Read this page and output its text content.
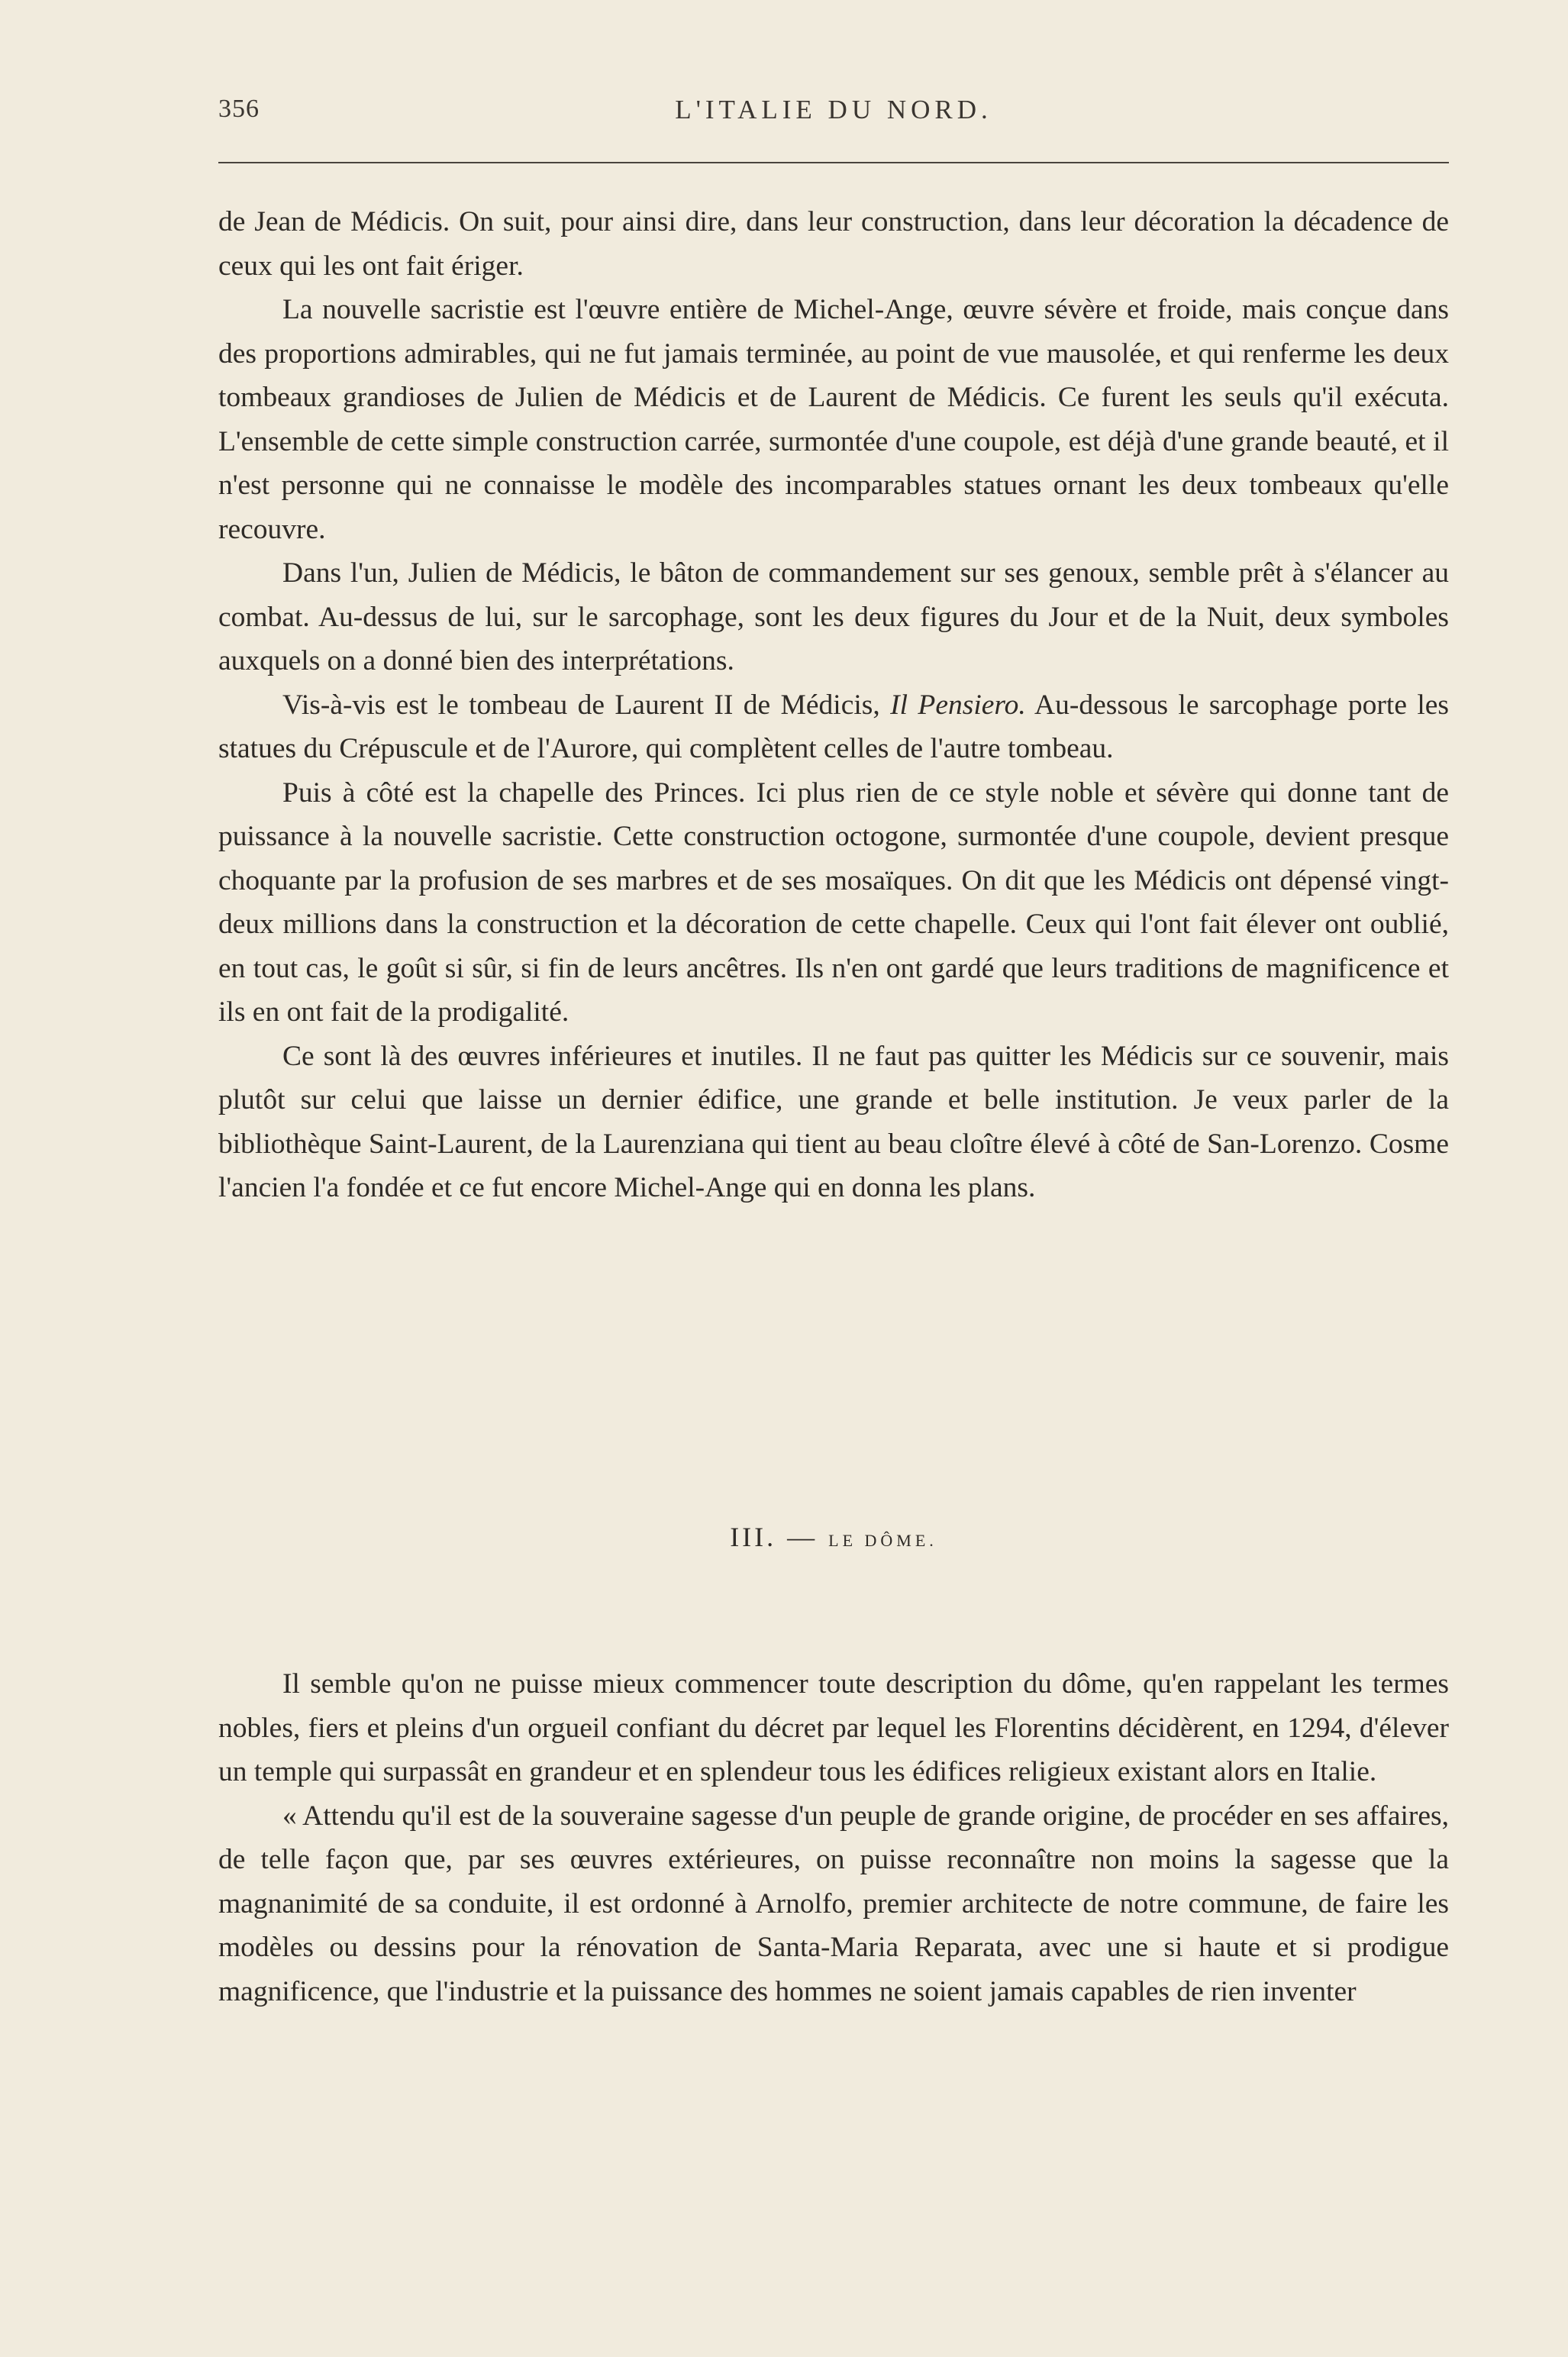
356	L'ITALIE DU NORD.

de Jean de Médicis. On suit, pour ainsi dire, dans leur construction, dans leur décoration la décadence de ceux qui les ont fait ériger.

La nouvelle sacristie est l'œuvre entière de Michel-Ange, œuvre sévère et froide, mais conçue dans des proportions admirables, qui ne fut jamais terminée, au point de vue mausolée, et qui renferme les deux tombeaux grandioses de Julien de Médicis et de Laurent de Médicis. Ce furent les seuls qu'il exécuta. L'ensemble de cette simple construction carrée, surmontée d'une coupole, est déjà d'une grande beauté, et il n'est personne qui ne connaisse le modèle des incomparables statues ornant les deux tombeaux qu'elle recouvre.

Dans l'un, Julien de Médicis, le bâton de commandement sur ses genoux, semble prêt à s'élancer au combat. Au-dessus de lui, sur le sarcophage, sont les deux figures du Jour et de la Nuit, deux symboles auxquels on a donné bien des interprétations.

Vis-à-vis est le tombeau de Laurent II de Médicis, Il Pensiero. Au-dessous le sarcophage porte les statues du Crépuscule et de l'Aurore, qui complètent celles de l'autre tombeau.

Puis à côté est la chapelle des Princes. Ici plus rien de ce style noble et sévère qui donne tant de puissance à la nouvelle sacristie. Cette construction octogone, surmontée d'une coupole, devient presque choquante par la profusion de ses marbres et de ses mosaïques. On dit que les Médicis ont dépensé vingt-deux millions dans la construction et la décoration de cette chapelle. Ceux qui l'ont fait élever ont oublié, en tout cas, le goût si sûr, si fin de leurs ancêtres. Ils n'en ont gardé que leurs traditions de magnificence et ils en ont fait de la prodigalité.

Ce sont là des œuvres inférieures et inutiles. Il ne faut pas quitter les Médicis sur ce souvenir, mais plutôt sur celui que laisse un dernier édifice, une grande et belle institution. Je veux parler de la bibliothèque Saint-Laurent, de la Laurenziana qui tient au beau cloître élevé à côté de San-Lorenzo. Cosme l'ancien l'a fondée et ce fut encore Michel-Ange qui en donna les plans.

III. — LE DÔME.

Il semble qu'on ne puisse mieux commencer toute description du dôme, qu'en rappelant les termes nobles, fiers et pleins d'un orgueil confiant du décret par lequel les Florentins décidèrent, en 1294, d'élever un temple qui surpassât en grandeur et en splendeur tous les édifices religieux existant alors en Italie.

« Attendu qu'il est de la souveraine sagesse d'un peuple de grande origine, de procéder en ses affaires, de telle façon que, par ses œuvres extérieures, on puisse reconnaître non moins la sagesse que la magnanimité de sa conduite, il est ordonné à Arnolfo, premier architecte de notre commune, de faire les modèles ou dessins pour la rénovation de Santa-Maria Reparata, avec une si haute et si prodigue magnificence, que l'industrie et la puissance des hommes ne soient jamais capables de rien inventer
